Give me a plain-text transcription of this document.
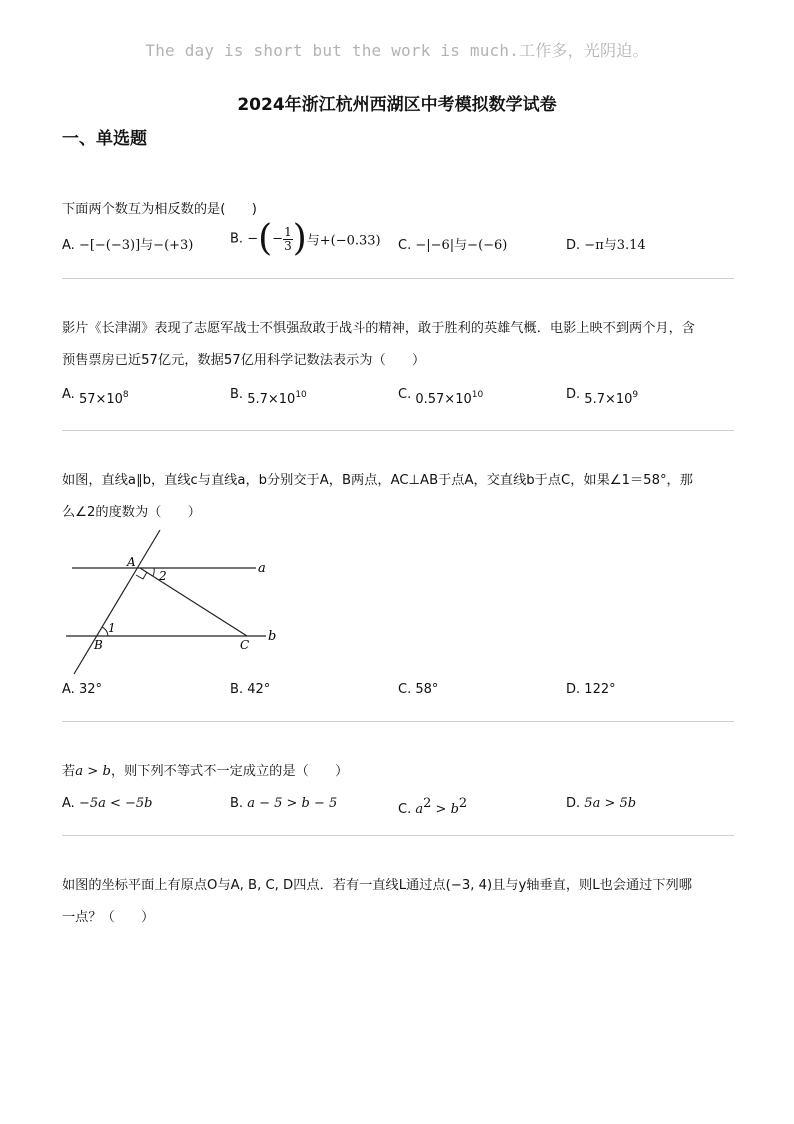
The day is short but the work is much.工作多，光阴迫。
2024年浙江杭州西湖区中考模拟数学试卷
一、单选题
下面两个数互为相反数的是(　　)
A. −[−(−3)]与−(+3)	B. −(− $\frac{1}{3}$ )与+(−0.33) C. −|−6|与−(−6)	D. −π与3.14
影片《长津湖》表现了志愿军战士不惧强敌敢于战斗的精神，敢于胜利的英雄气概．电影上映不到两个月，含
预售票房已近57亿元，数据57亿用科学记数法表示为（　　）
A. $57\times 10^8$	B. $5.7\times 10^{10}$	C. $0.57\times 10^{10}$	D. $5.7\times 10^9$
如图，直线a∥b，直线c与直线a，b分别交于A，B两点，AC⊥AB于点A，交直线b于点C，如果∠1＝58°，那
么∠2的度数为（　　）
A
2	a
1
B	C
b
A. 32°	B. 42°	C. 58°	D. 122°
若a > b，则下列不等式不一定成立的是（　　）
A. −5a < −5b	B. a − 5 > b − 5	C. a2 > b2	D. 5a > 5b
如图的坐标平面上有原点O与A, B, C, D四点．若有一直线L通过点(−3, 4)且与y轴垂直，则L也会通过下列哪
一点？（　　）
